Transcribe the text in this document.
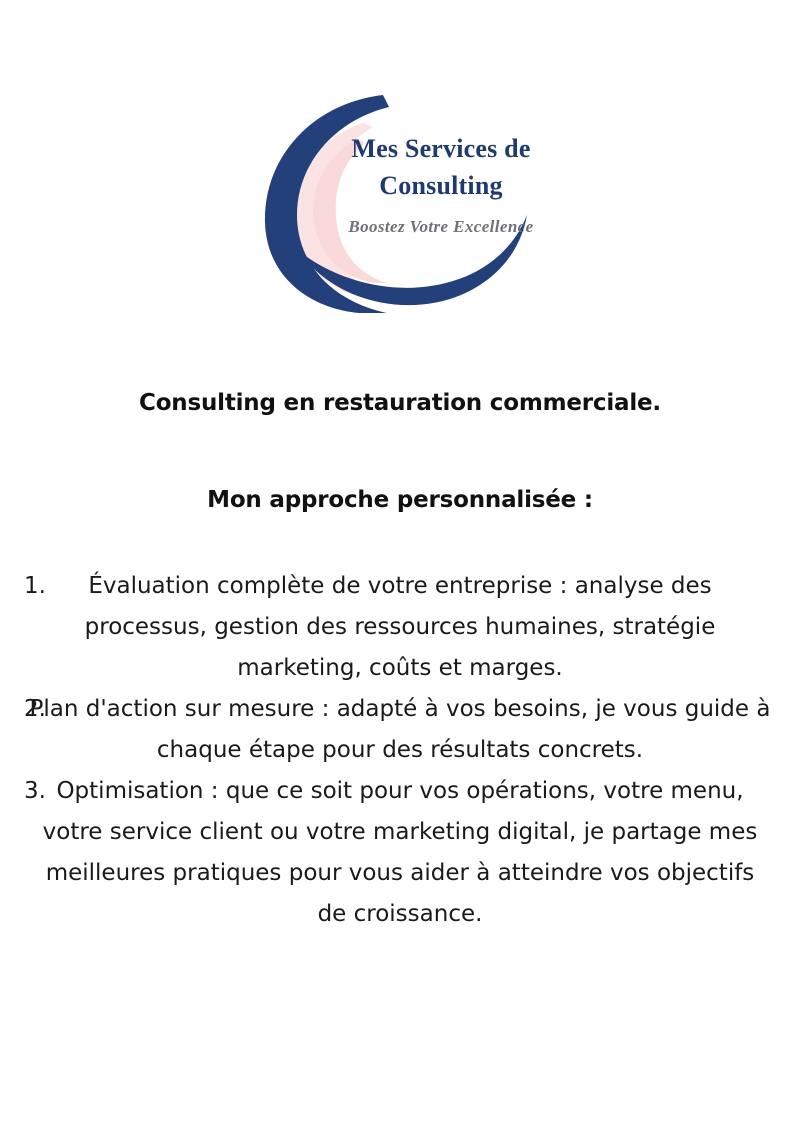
Mes Services de
Consulting
Boostez Votre Excellence
Consulting en restauration commerciale.
Mon approche personnalisée :
Évaluation complète de votre entreprise : analyse des processus, gestion des ressources humaines, stratégie marketing, coûts et marges.
Plan d'action sur mesure : adapté à vos besoins, je vous guide à chaque étape pour des résultats concrets.
Optimisation : que ce soit pour vos opérations, votre menu, votre service client ou votre marketing digital, je partage mes meilleures pratiques pour vous aider à atteindre vos objectifs de croissance.
